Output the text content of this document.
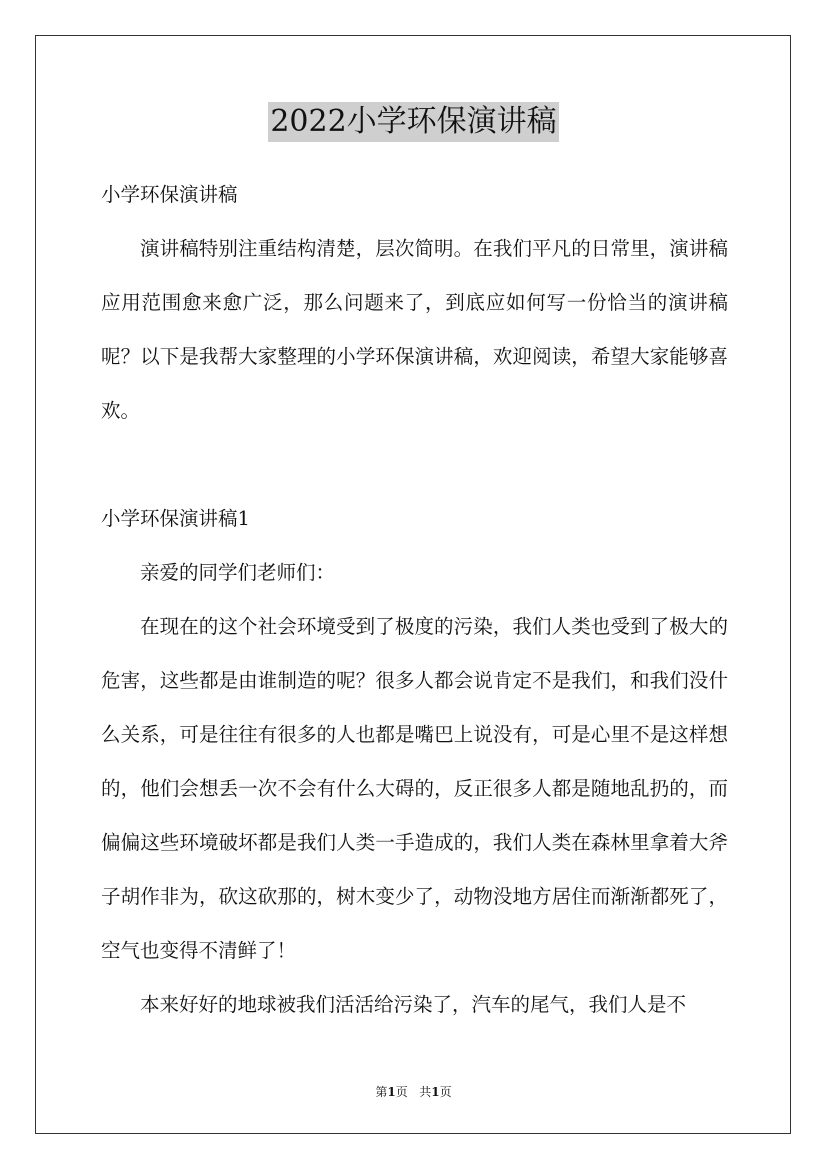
2022小学环保演讲稿

小学环保演讲稿

演讲稿特别注重结构清楚，层次简明。在我们平凡的日常里，演讲稿应用范围愈来愈广泛，那么问题来了，到底应如何写一份恰当的演讲稿呢？以下是我帮大家整理的小学环保演讲稿，欢迎阅读，希望大家能够喜欢。

小学环保演讲稿1

亲爱的同学们老师们：

在现在的这个社会环境受到了极度的污染，我们人类也受到了极大的危害，这些都是由谁制造的呢？很多人都会说肯定不是我们，和我们没什么关系，可是往往有很多的人也都是嘴巴上说没有，可是心里不是这样想的，他们会想丢一次不会有什么大碍的，反正很多人都是随地乱扔的，而偏偏这些环境破坏都是我们人类一手造成的，我们人类在森林里拿着大斧子胡作非为，砍这砍那的，树木变少了，动物没地方居住而渐渐都死了，空气也变得不清鲜了！

本来好好的地球被我们活活给污染了，汽车的尾气，我们人是不

第1页 共1页
